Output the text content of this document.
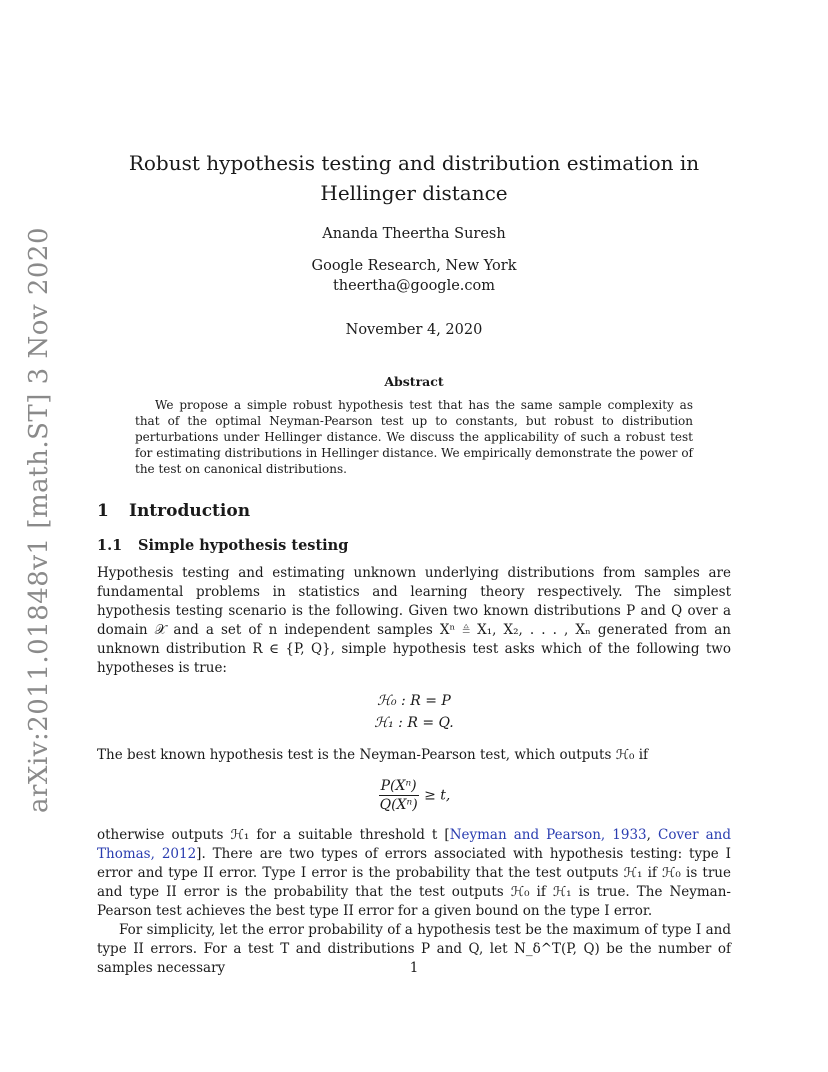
arXiv:2011.01848v1 [math.ST] 3 Nov 2020
Robust hypothesis testing and distribution estimation in Hellinger distance
Ananda Theertha Suresh
Google Research, New York
theertha@google.com
November 4, 2020
Abstract
We propose a simple robust hypothesis test that has the same sample complexity as that of the optimal Neyman-Pearson test up to constants, but robust to distribution perturbations under Hellinger distance. We discuss the applicability of such a robust test for estimating distributions in Hellinger distance. We empirically demonstrate the power of the test on canonical distributions.
1 Introduction
1.1 Simple hypothesis testing

Hypothesis testing and estimating unknown underlying distributions from samples are fundamental problems in statistics and learning theory respectively. The simplest hypothesis testing scenario is the following. Given two known distributions P and Q over a domain 𝒳 and a set of n independent samples Xⁿ ≜ X₁, X₂, . . . , Xₙ generated from an unknown distribution R ∈ {P, Q}, simple hypothesis test asks which of the following two hypotheses is true:

ℋ₀ : R = P
ℋ₁ : R = Q.

The best known hypothesis test is the Neyman-Pearson test, which outputs ℋ₀ if

$\frac{\text{P(Xⁿ)}}{\text{Q(Xⁿ)}} \ge t$,

otherwise outputs ℋ₁ for a suitable threshold t [Neyman and Pearson, 1933, Cover and Thomas, 2012]. There are two types of errors associated with hypothesis testing: type I error and type II error. Type I error is the probability that the test outputs ℋ₁ if ℋ₀ is true and type II error is the probability that the test outputs ℋ₀ if ℋ₁ is true. The Neyman-Pearson test achieves the best type II error for a given bound on the type I error.

For simplicity, let the error probability of a hypothesis test be the maximum of type I and type II errors. For a test T and distributions P and Q, let N_δ^T(P, Q) be the number of samples necessary	1
